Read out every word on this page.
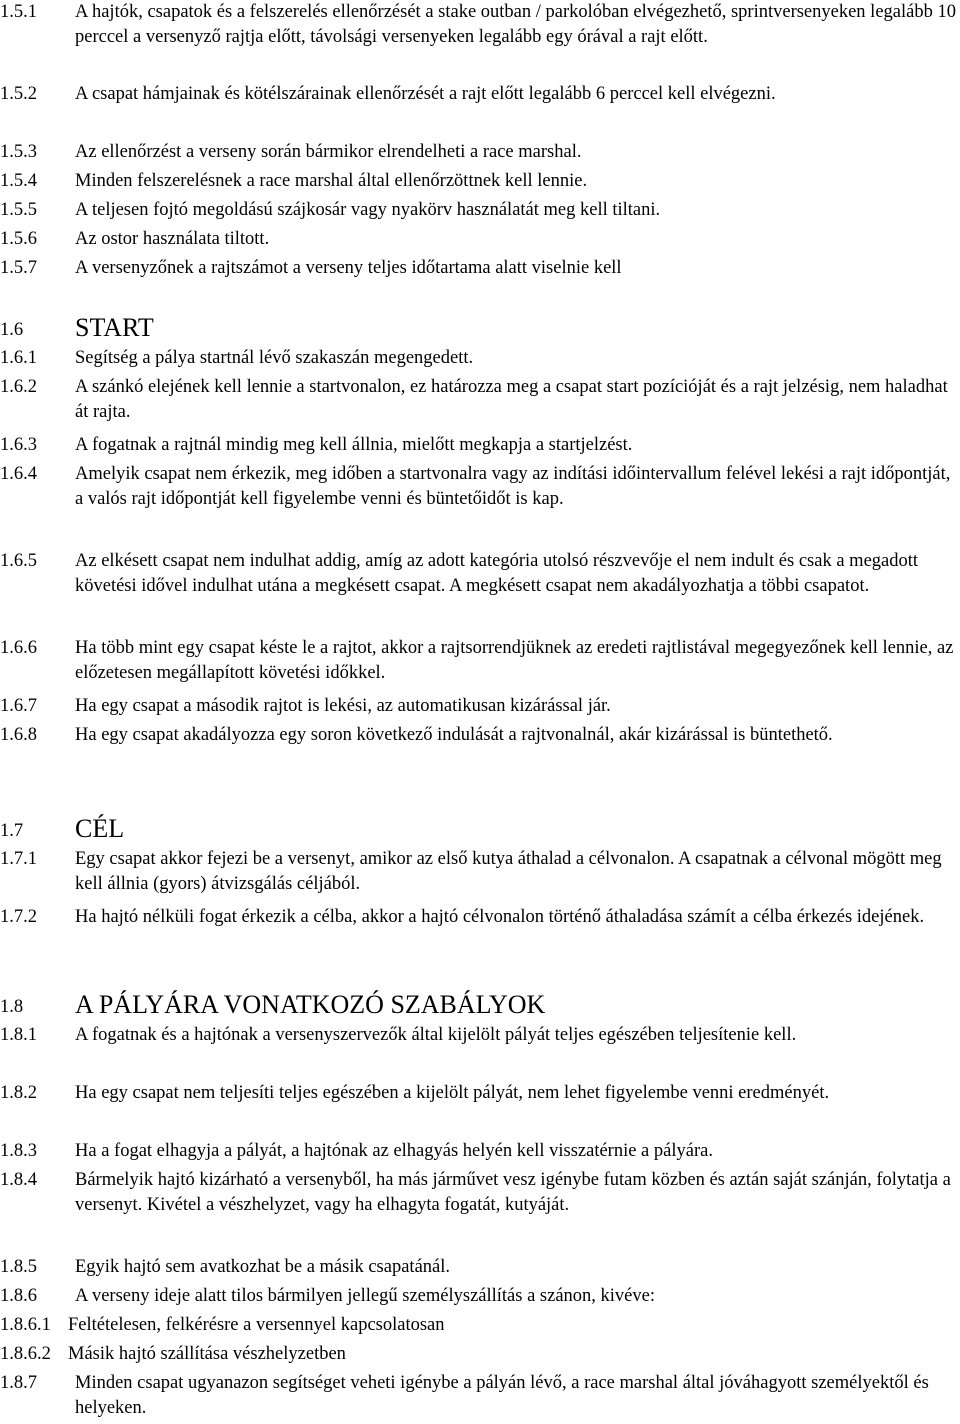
1.5.1	A hajtók, csapatok és a felszerelés ellenőrzését a stake outban / parkolóban elvégezhető, sprintversenyeken legalább 10 perccel a versenyző rajtja előtt, távolsági versenyeken legalább egy órával a rajt előtt.
1.5.2	A csapat hámjainak és kötélszárainak ellenőrzését a rajt előtt legalább 6 perccel kell elvégezni.
1.5.3	Az ellenőrzést a verseny során bármikor elrendelheti a race marshal.
1.5.4	Minden felszerelésnek a race marshal által ellenőrzöttnek kell lennie.
1.5.5	A teljesen fojtó megoldású szájkosár vagy nyakörv használatát meg kell tiltani.
1.5.6	Az ostor használata tiltott.
1.5.7	A versenyzőnek a rajtszámot a verseny teljes időtartama alatt viselnie kell
1.6	START
1.6.1	Segítség a pálya startnál lévő szakaszán megengedett.
1.6.2	A szánkó elejének kell lennie a startvonalon, ez határozza meg a csapat start pozícióját és a rajt jelzésig, nem haladhat át rajta.
1.6.3	A fogatnak a rajtnál mindig meg kell állnia, mielőtt megkapja a startjelzést.
1.6.4	Amelyik csapat nem érkezik, meg időben a startvonalra vagy az indítási időintervallum felével lekési a rajt időpontját, a valós rajt időpontját kell figyelembe venni és büntetőidőt is kap.
1.6.5	Az elkésett csapat nem indulhat addig, amíg az adott kategória utolsó részvevője el nem indult és csak a megadott követési idővel indulhat utána a megkésett csapat. A megkésett csapat nem akadályozhatja a többi csapatot.
1.6.6	Ha több mint egy csapat késte le a rajtot, akkor a rajtsorrendjüknek az eredeti rajtlistával megegyezőnek kell lennie, az előzetesen megállapított követési időkkel.
1.6.7	Ha egy csapat a második rajtot is lekési, az automatikusan kizárással jár.
1.6.8	Ha egy csapat akadályozza egy soron következő indulását a rajtvonalnál, akár kizárással is büntethető.
1.7	CÉL
1.7.1	Egy csapat akkor fejezi be a versenyt, amikor az első kutya áthalad a célvonalon. A csapatnak a célvonal mögött meg kell állnia (gyors) átvizsgálás céljából.
1.7.2	Ha hajtó nélküli fogat érkezik a célba, akkor a hajtó célvonalon történő áthaladása számít a célba érkezés idejének.
1.8	A PÁLYÁRA VONATKOZÓ SZABÁLYOK
1.8.1	A fogatnak és a hajtónak a versenyszervezők által kijelölt pályát teljes egészében teljesítenie kell.
1.8.2	Ha egy csapat nem teljesíti teljes egészében a kijelölt pályát, nem lehet figyelembe venni eredményét.
1.8.3	Ha a fogat elhagyja a pályát, a hajtónak az elhagyás helyén kell visszatérnie a pályára.
1.8.4	Bármelyik hajtó kizárható a versenyből, ha más járművet vesz igénybe futam közben és aztán saját szánján, folytatja a versenyt. Kivétel a vészhelyzet, vagy ha elhagyta fogatát, kutyáját.
1.8.5	Egyik hajtó sem avatkozhat be a másik csapatánál.
1.8.6	A verseny ideje alatt tilos bármilyen jellegű személyszállítás a szánon, kivéve:
1.8.6.1 Feltételesen, felkérésre a versennyel kapcsolatosan
1.8.6.2 Másik hajtó szállítása vészhelyzetben
1.8.7	Minden csapat ugyanazon segítséget veheti igénybe a pályán lévő, a race marshal által jóváhagyott személyektől és helyeken.
